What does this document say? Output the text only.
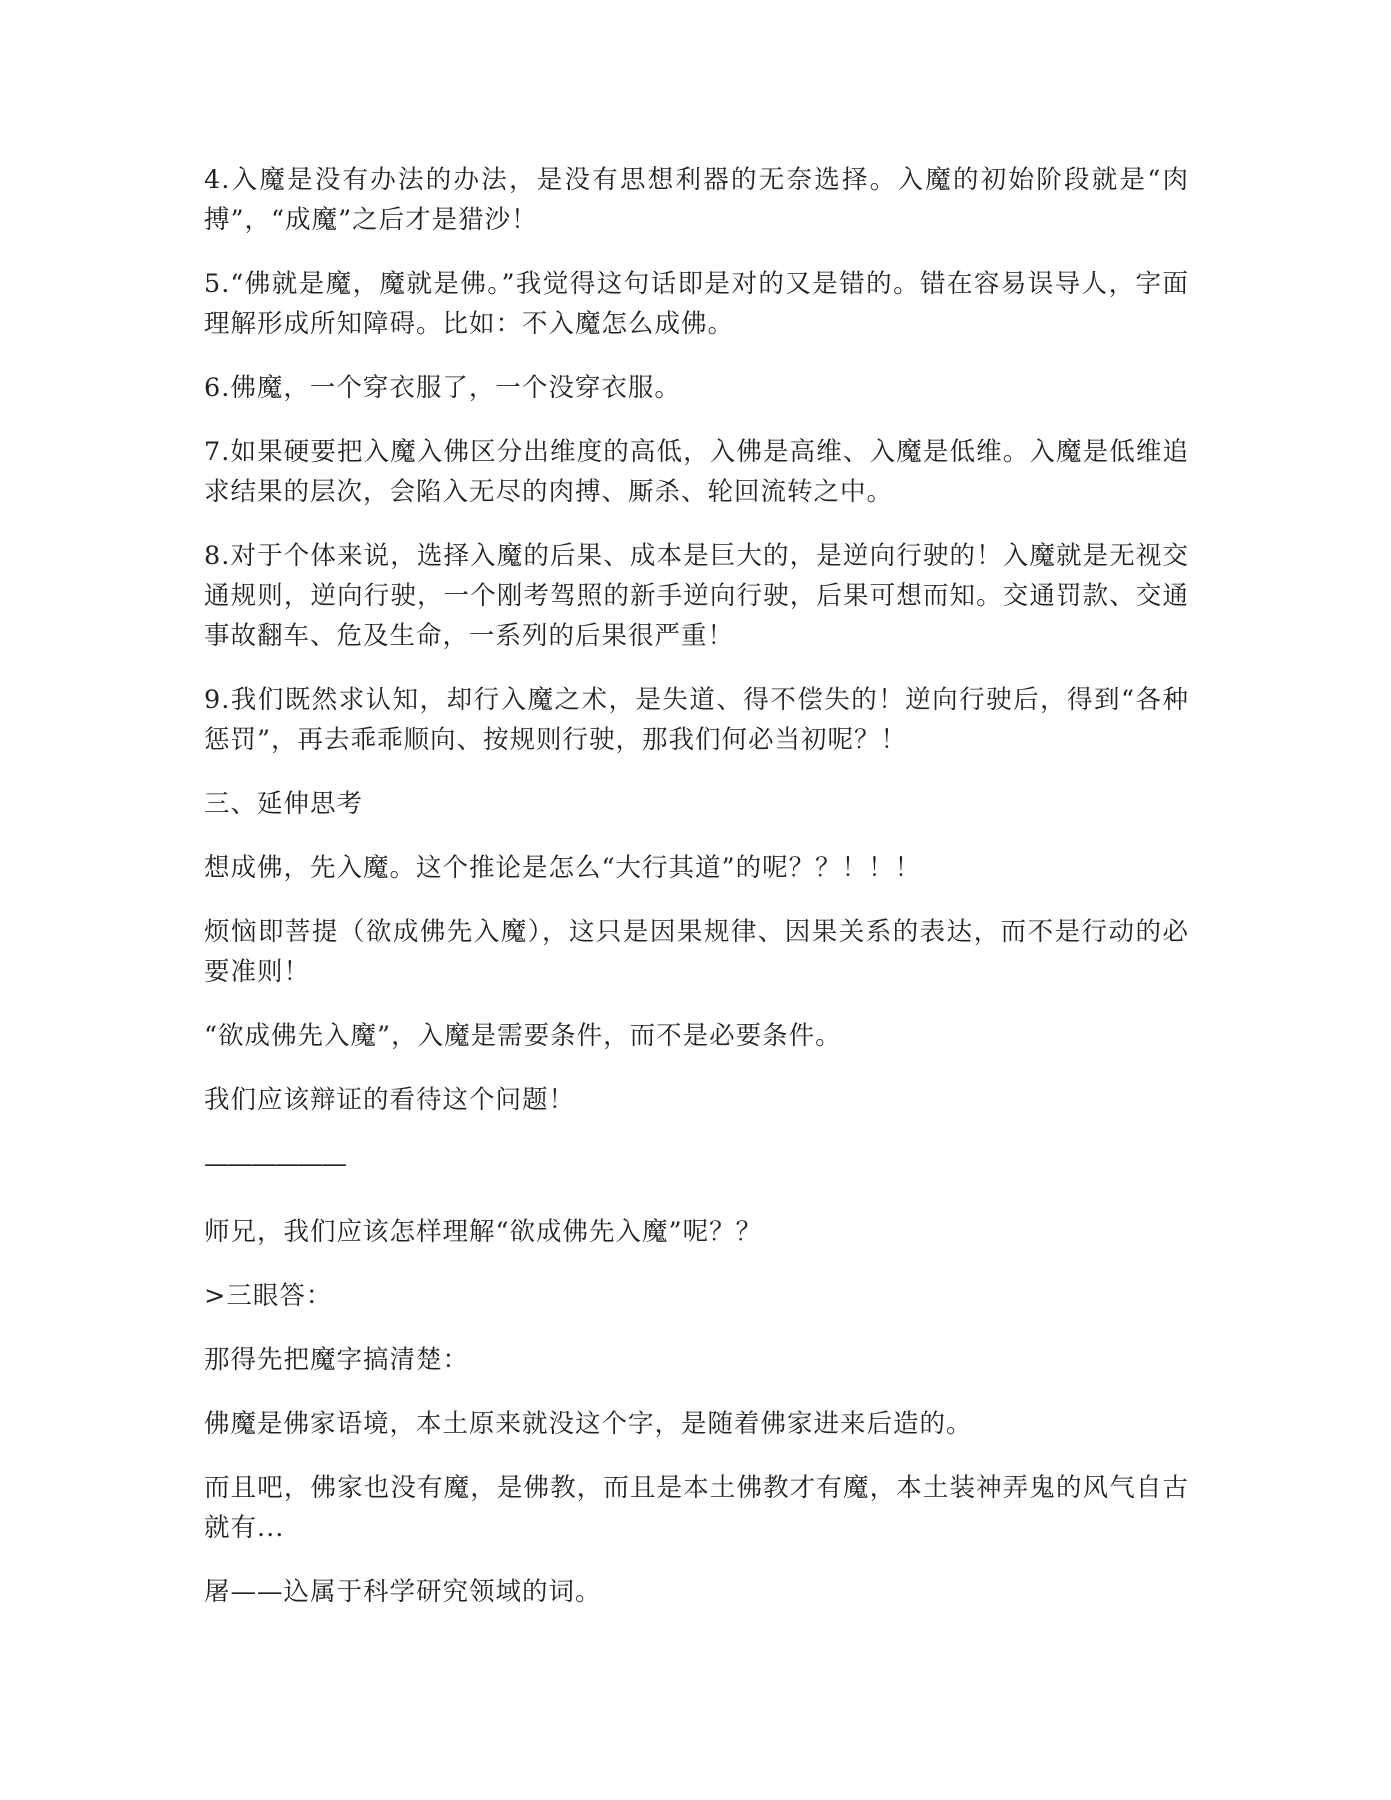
4.入魔是没有办法的办法，是没有思想利器的无奈选择。入魔的初始阶段就是“肉搏”，“成魔”之后才是猎沙！

5.“佛就是魔，魔就是佛。”我觉得这句话即是对的又是错的。错在容易误导人，字面理解形成所知障碍。比如：不入魔怎么成佛。

6.佛魔，一个穿衣服了，一个没穿衣服。

7.如果硬要把入魔入佛区分出维度的高低，入佛是高维、入魔是低维。入魔是低维追求结果的层次，会陷入无尽的肉搏、厮杀、轮回流转之中。

8.对于个体来说，选择入魔的后果、成本是巨大的，是逆向行驶的！入魔就是无视交通规则，逆向行驶，一个刚考驾照的新手逆向行驶，后果可想而知。交通罚款、交通事故翻车、危及生命，一系列的后果很严重！

9.我们既然求认知，却行入魔之术，是失道、得不偿失的！逆向行驶后，得到“各种惩罚”，再去乖乖顺向、按规则行驶，那我们何必当初呢？！

三、延伸思考

想成佛，先入魔。这个推论是怎么“大行其道”的呢？？！！！

烦恼即菩提（欲成佛先入魔），这只是因果规律、因果关系的表达，而不是行动的必要准则！

“欲成佛先入魔”，入魔是需要条件，而不是必要条件。

我们应该辩证的看待这个问题！

——————

师兄，我们应该怎样理解“欲成佛先入魔”呢？？

>三眼答：

那得先把魔字搞清楚：

佛魔是佛家语境，本土原来就没这个字，是随着佛家进来后造的。

而且吧，佛家也没有魔，是佛教，而且是本土佛教才有魔，本土装神弄鬼的风气自古就有...

屠——込属于科学研究领域的词。
